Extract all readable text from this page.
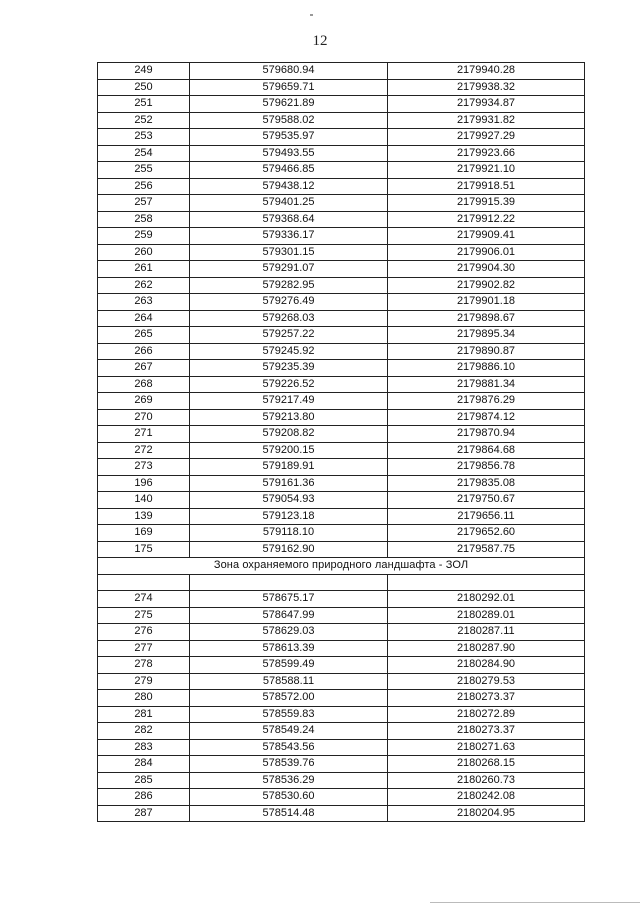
12
249	579680.94	2179940.28
250	579659.71	2179938.32
251	579621.89	2179934.87
252	579588.02	2179931.82
253	579535.97	2179927.29
254	579493.55	2179923.66
255	579466.85	2179921.10
256	579438.12	2179918.51
257	579401.25	2179915.39
258	579368.64	2179912.22
259	579336.17	2179909.41
260	579301.15	2179906.01
261	579291.07	2179904.30
262	579282.95	2179902.82
263	579276.49	2179901.18
264	579268.03	2179898.67
265	579257.22	2179895.34
266	579245.92	2179890.87
267	579235.39	2179886.10
268	579226.52	2179881.34
269	579217.49	2179876.29
270	579213.80	2179874.12
271	579208.82	2179870.94
272	579200.15	2179864.68
273	579189.91	2179856.78
196	579161.36	2179835.08
140	579054.93	2179750.67
139	579123.18	2179656.11
169	579118.10	2179652.60
175	579162.90	2179587.75
Зона охраняемого природного ландшафта - ЗОЛ		

274	578675.17	2180292.01
275	578647.99	2180289.01
276	578629.03	2180287.11
277	578613.39	2180287.90
278	578599.49	2180284.90
279	578588.11	2180279.53
280	578572.00	2180273.37
281	578559.83	2180272.89
282	578549.24	2180273.37
283	578543.56	2180271.63
284	578539.76	2180268.15
285	578536.29	2180260.73
286	578530.60	2180242.08
287	578514.48	2180204.95
